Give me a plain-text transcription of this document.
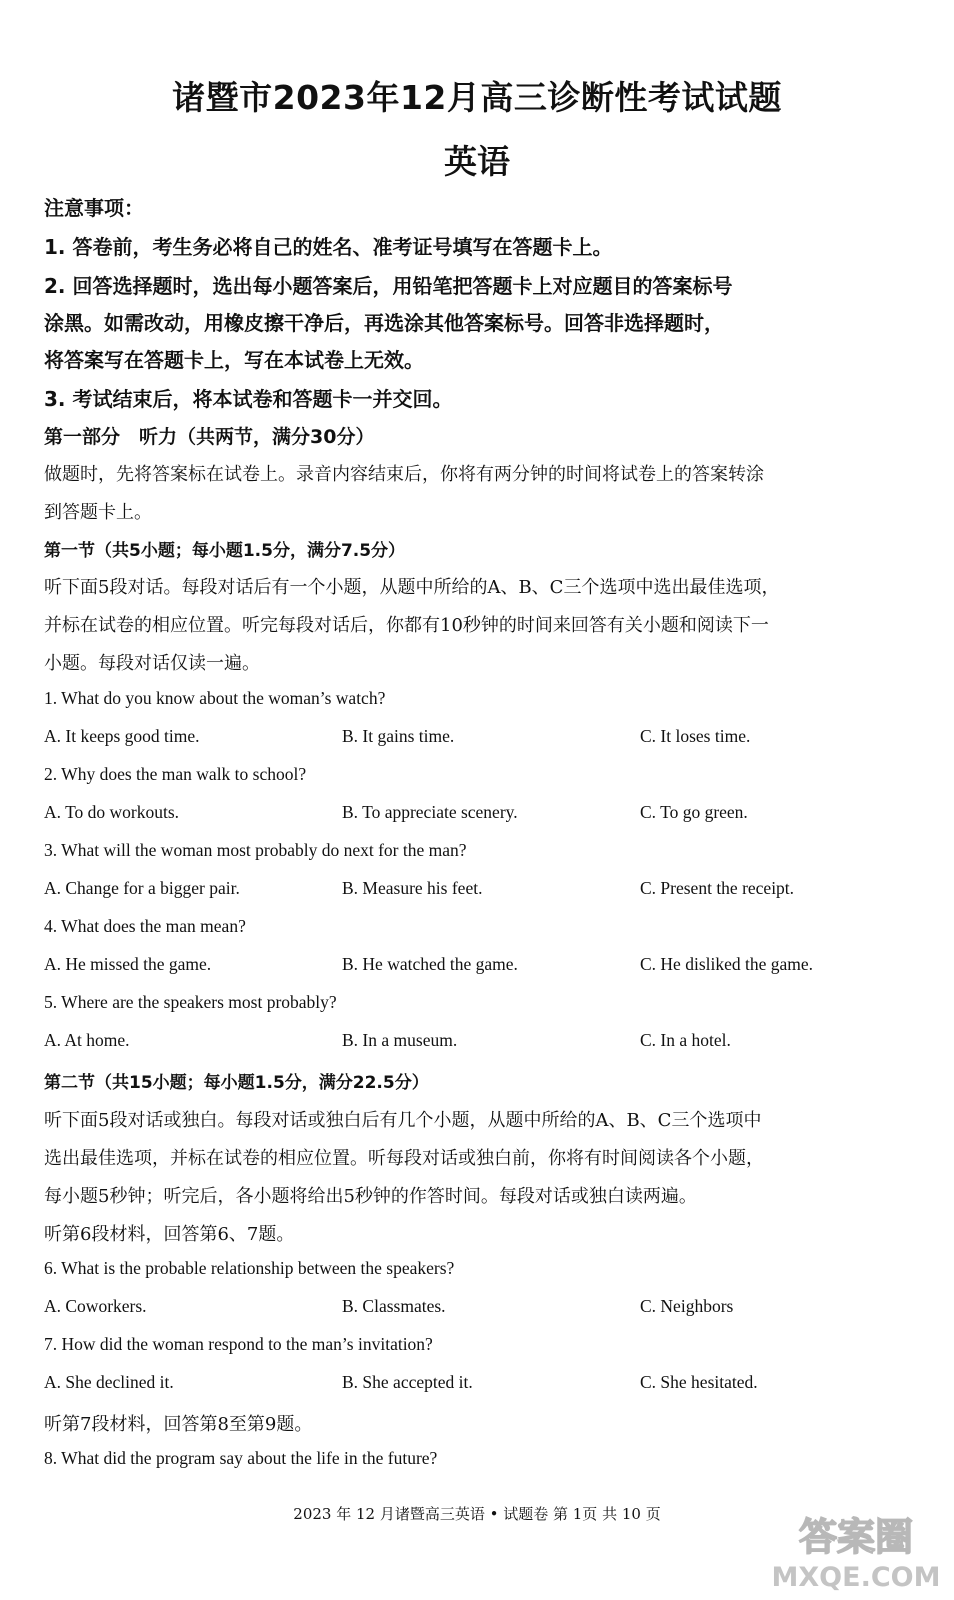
诸暨市2023年12月高三诊断性考试试题
英语
注意事项：
1. 答卷前，考生务必将自己的姓名、准考证号填写在答题卡上。
2. 回答选择题时，选出每小题答案后，用铅笔把答题卡上对应题目的答案标号
涂黑。如需改动，用橡皮擦干净后，再选涂其他答案标号。回答非选择题时，
将答案写在答题卡上，写在本试卷上无效。
3. 考试结束后，将本试卷和答题卡一并交回。
第一部分　听力（共两节，满分30分）
做题时，先将答案标在试卷上。录音内容结束后，你将有两分钟的时间将试卷上的答案转涂
到答题卡上。
第一节（共5小题；每小题1.5分，满分7.5分）
听下面5段对话。每段对话后有一个小题，从题中所给的A、B、C三个选项中选出最佳选项，
并标在试卷的相应位置。听完每段对话后，你都有10秒钟的时间来回答有关小题和阅读下一
小题。每段对话仅读一遍。
1. What do you know about the woman’s watch?
A. It keeps good time.	B. It gains time.	C. It loses time.
2. Why does the man walk to school?
A. To do workouts.	B. To appreciate scenery.	C. To go green.
3. What will the woman most probably do next for the man?
A. Change for a bigger pair.	B. Measure his feet.	C. Present the receipt.
4. What does the man mean?
A. He missed the game.	B. He watched the game.	C. He disliked the game.
5. Where are the speakers most probably?
A. At home.	B. In a museum.	C. In a hotel.
第二节（共15小题；每小题1.5分，满分22.5分）
听下面5段对话或独白。每段对话或独白后有几个小题，从题中所给的A、B、C三个选项中
选出最佳选项，并标在试卷的相应位置。听每段对话或独白前，你将有时间阅读各个小题，
每小题5秒钟；听完后，各小题将给出5秒钟的作答时间。每段对话或独白读两遍。
听第6段材料，回答第6、7题。
6. What is the probable relationship between the speakers?
A. Coworkers.	B. Classmates.	C. Neighbors
7. How did the woman respond to the man’s invitation?
A. She declined it.	B. She accepted it.	C. She hesitated.
听第7段材料，回答第8至第9题。
8. What did the program say about the life in the future?
2023 年 12 月诸暨高三英语 • 试题卷 第 1页 共 10 页
答案圈
MXQE.COM
